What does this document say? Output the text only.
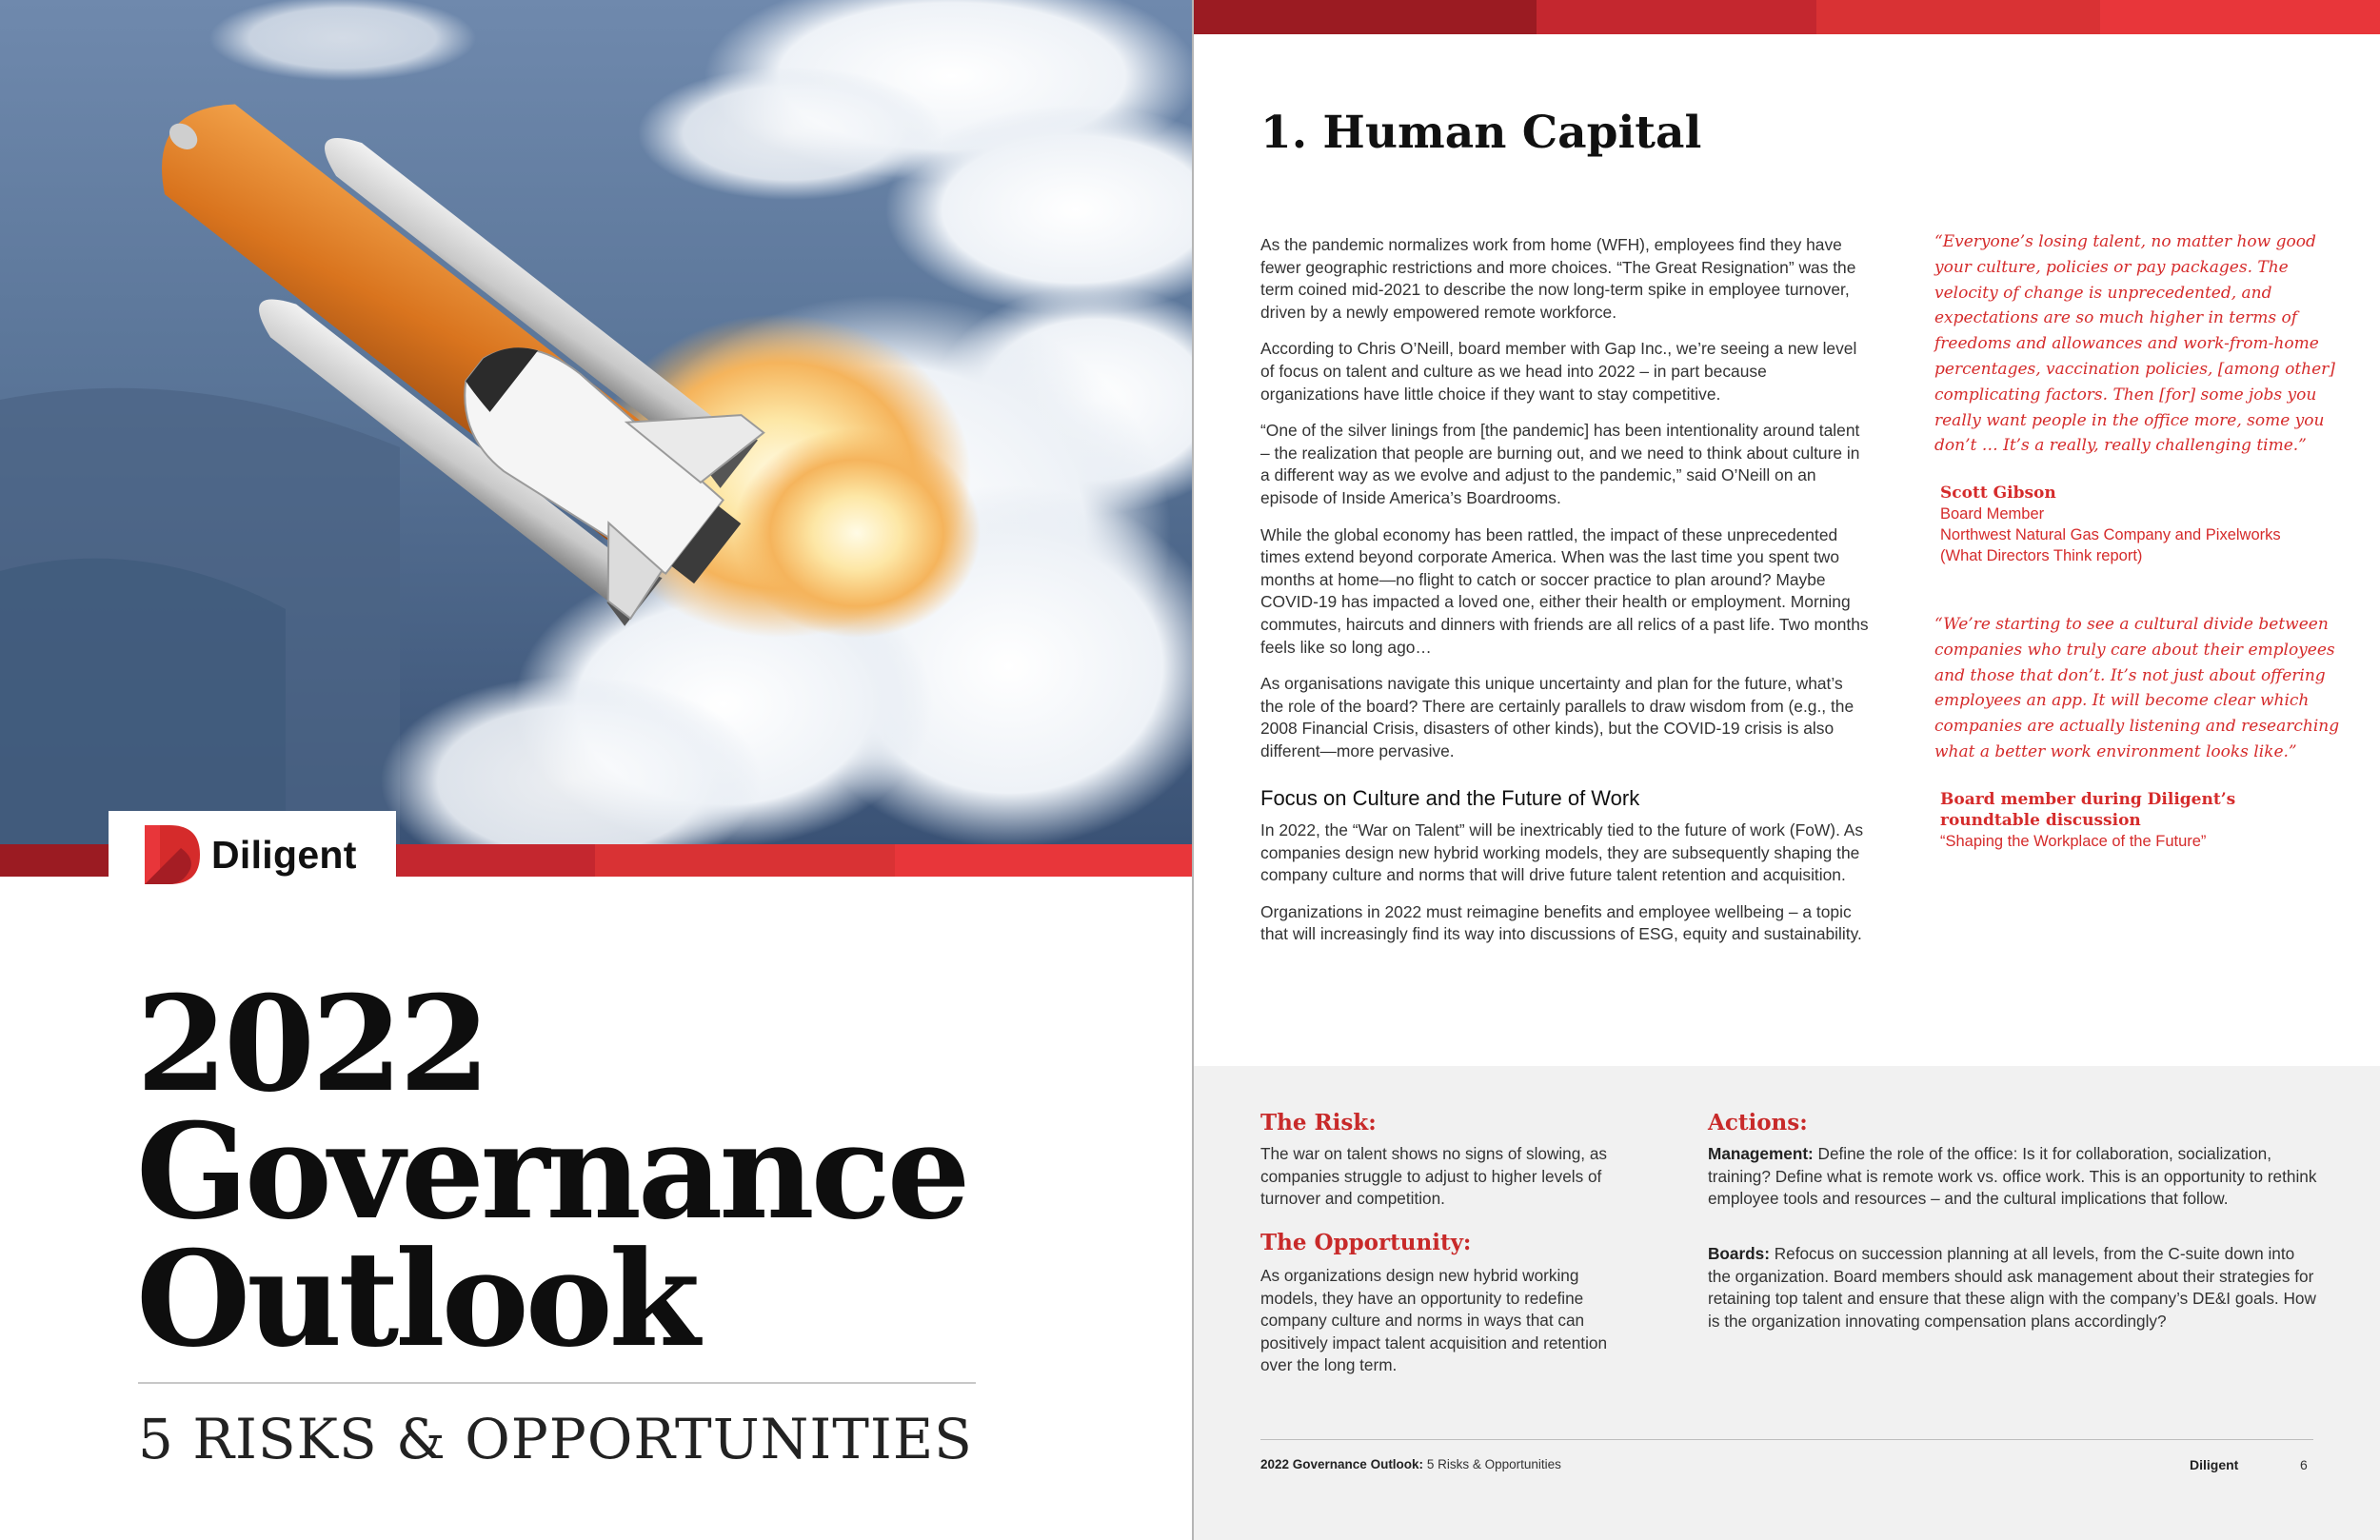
Diligent
2022
Governance
Outlook
5 RISKS & OPPORTUNITIES
1. Human Capital

As the pandemic normalizes work from home (WFH), employees find they have fewer geographic restrictions and more choices. “The Great Resignation” was the term coined mid-2021 to describe the now long-term spike in employee turnover, driven by a newly empowered remote workforce.

According to Chris O’Neill, board member with Gap Inc., we’re seeing a new level of focus on talent and culture as we head into 2022 – in part because organizations have little choice if they want to stay competitive.

“One of the silver linings from [the pandemic] has been intentionality around talent – the realization that people are burning out, and we need to think about culture in a different way as we evolve and adjust to the pandemic,” said O’Neill on an episode of Inside America’s Boardrooms.

While the global economy has been rattled, the impact of these unprecedented times extend beyond corporate America. When was the last time you spent two months at home—no flight to catch or soccer practice to plan around? Maybe COVID-19 has impacted a loved one, either their health or employment. Morning commutes, haircuts and dinners with friends are all relics of a past life. Two months feels like so long ago…

As organisations navigate this unique uncertainty and plan for the future, what’s the role of the board? There are certainly parallels to draw wisdom from (e.g., the 2008 Financial Crisis, disasters of other kinds), but the COVID-19 crisis is also different—more pervasive.

Focus on Culture and the Future of Work

In 2022, the “War on Talent” will be inextricably tied to the future of work (FoW). As companies design new hybrid working models, they are subsequently shaping the company culture and norms that will drive future talent retention and acquisition.

Organizations in 2022 must reimagine benefits and employee wellbeing – a topic that will increasingly find its way into discussions of ESG, equity and sustainability.

“Everyone’s losing talent, no matter how good your culture, policies or pay packages. The velocity of change is unprecedented, and expectations are so much higher in terms of freedoms and allowances and work-from-home percentages, vaccination policies, [among other] complicating factors. Then [for] some jobs you really want people in the office more, some you don’t … It’s a really, really challenging time.”
Scott Gibson
Board Member
Northwest Natural Gas Company and Pixelworks
(What Directors Think report)
“We’re starting to see a cultural divide between companies who truly care about their employees and those that don’t. It’s not just about offering employees an app. It will become clear which companies are actually listening and researching what a better work environment looks like.”
Board member during Diligent’s roundtable discussion
“Shaping the Workplace of the Future”
The Risk:

The war on talent shows no signs of slowing, as companies struggle to adjust to higher levels of turnover and competition.

The Opportunity:

As organizations design new hybrid working models, they have an opportunity to redefine company culture and norms in ways that can positively impact talent acquisition and retention over the long term.

Actions:

Management: Define the role of the office: Is it for collaboration, socialization, training? Define what is remote work vs. office work. This is an opportunity to rethink employee tools and resources – and the cultural implications that follow.

Boards: Refocus on succession planning at all levels, from the C-suite down into the organization. Board members should ask management about their strategies for retaining top talent and ensure that these align with the company’s DE&I goals. How is the organization innovating compensation plans accordingly?

2022 Governance Outlook: 5 Risks & Opportunities	Diligent	6
